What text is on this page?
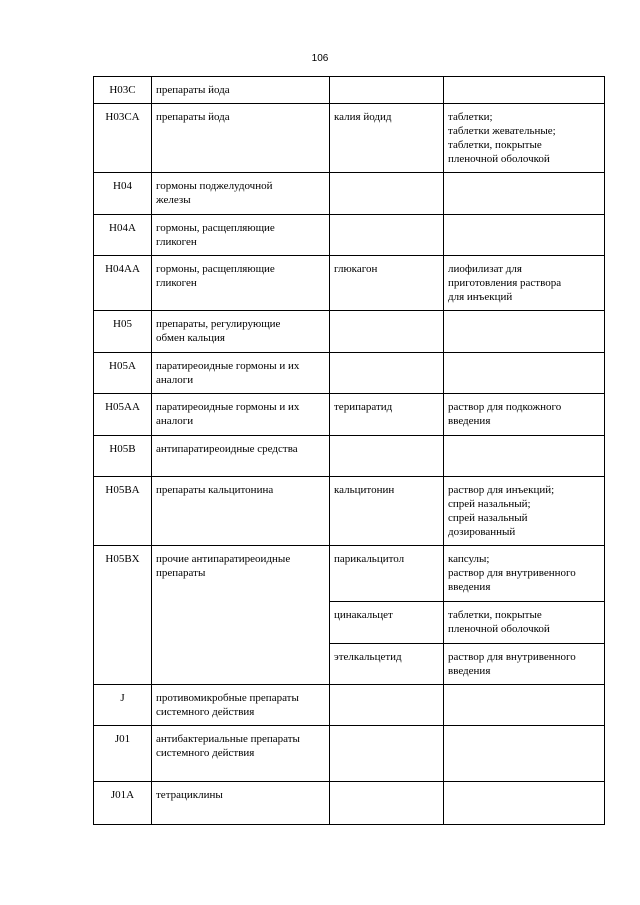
106
H03C	препараты йода		
H03CA	препараты йода	калия йодид	таблетки;
таблетки жевательные;
таблетки, покрытые
пленочной оболочкой
H04	гормоны поджелудочной
железы		
H04A	гормоны, расщепляющие
гликоген		
H04AA	гормоны, расщепляющие
гликоген	глюкагон	лиофилизат для
приготовления раствора
для инъекций
H05	препараты, регулирующие
обмен кальция		
H05A	паратиреоидные гормоны и их
аналоги		
H05AA	паратиреоидные гормоны и их
аналоги	терипаратид	раствор для подкожного
введения
H05B	антипаратиреоидные средства		
H05BA	препараты кальцитонина	кальцитонин	раствор для инъекций;
спрей назальный;
спрей назальный
дозированный
H05BX	прочие антипаратиреоидные
препараты	парикальцитол	капсулы;
раствор для внутривенного
введения
		цинакальцет	таблетки, покрытые
пленочной оболочкой
		этелкальцетид	раствор для внутривенного
введения
J	противомикробные препараты
системного действия		
J01	антибактериальные препараты
системного действия		
J01A	тетрациклины		
